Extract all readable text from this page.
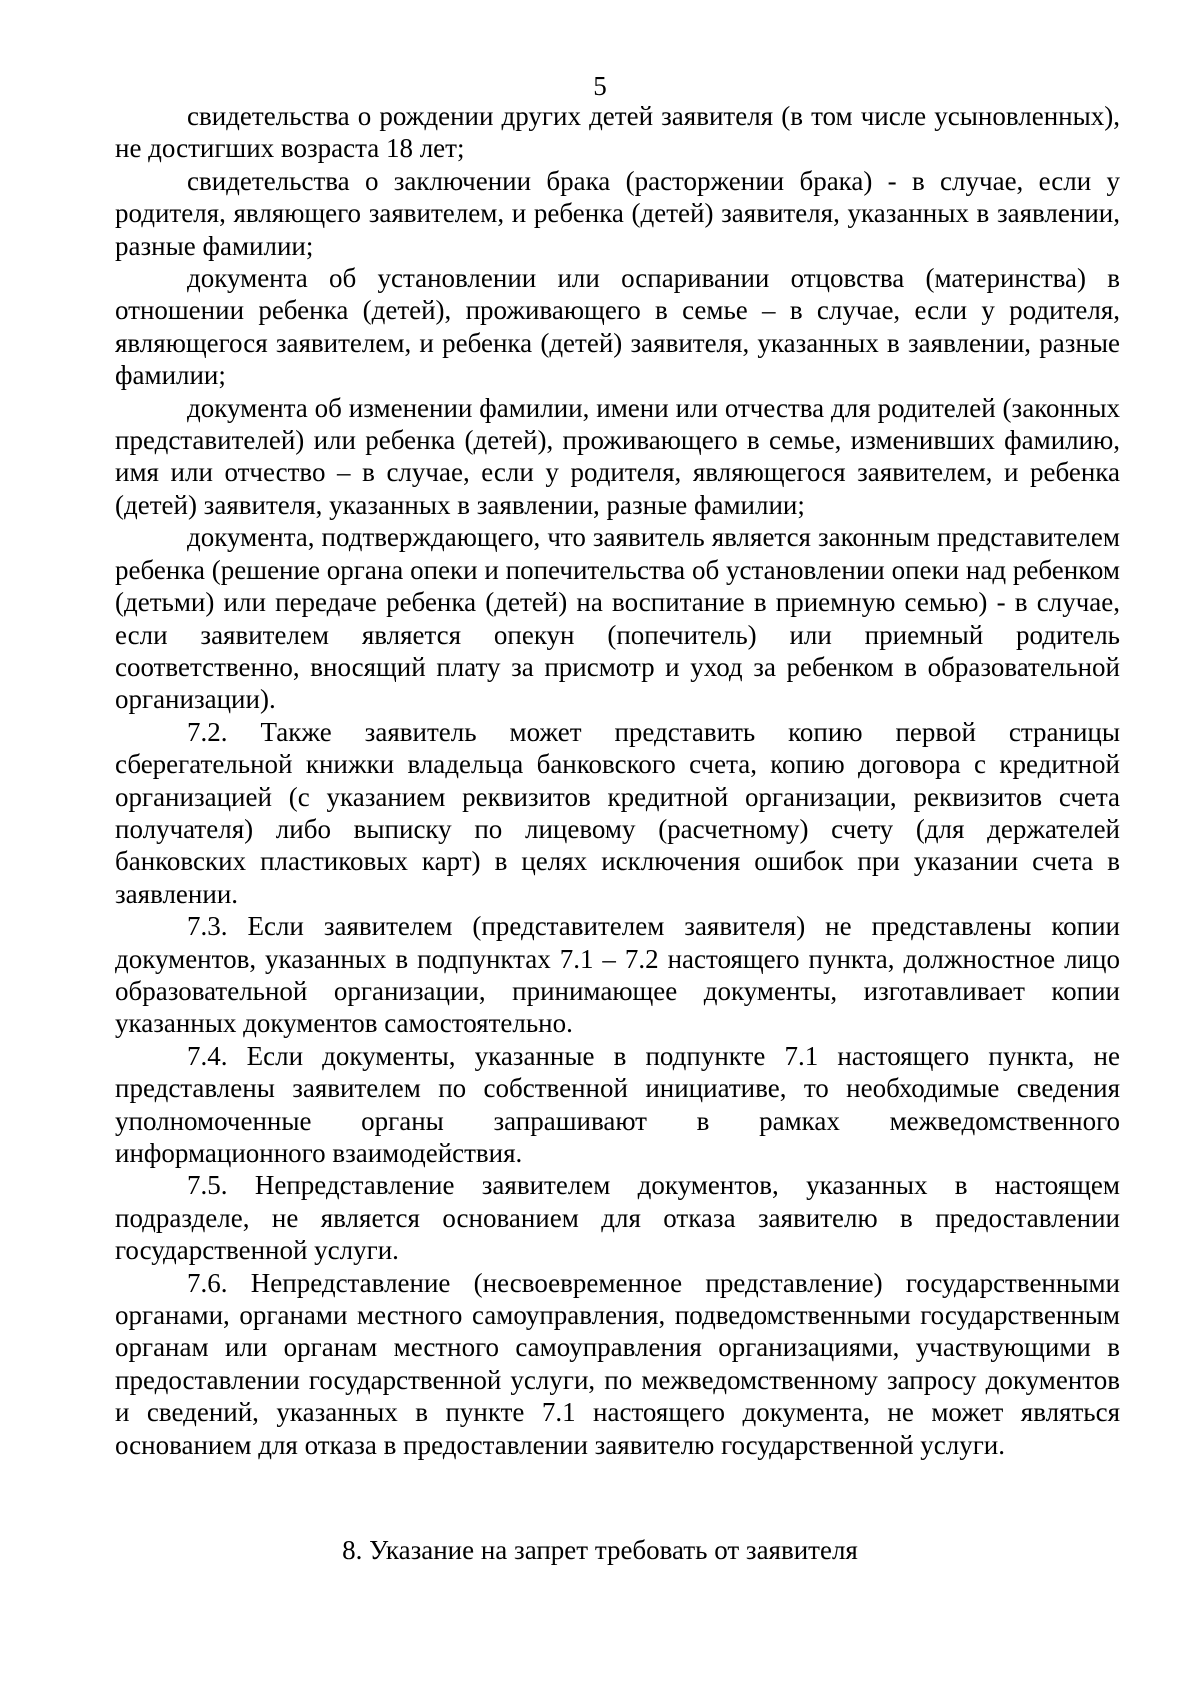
5

свидетельства о рождении других детей заявителя (в том числе усыновленных), не достигших возраста 18 лет;

свидетельства о заключении брака (расторжении брака) - в случае, если у родителя, являющего заявителем, и ребенка (детей) заявителя, указанных в заявлении, разные фамилии;

документа об установлении или оспаривании отцовства (материнства) в отношении ребенка (детей), проживающего в семье – в случае, если у родителя, являющегося заявителем, и ребенка (детей) заявителя, указанных в заявлении, разные фамилии;

документа об изменении фамилии, имени или отчества для родителей (законных представителей) или ребенка (детей), проживающего в семье, изменивших фамилию, имя или отчество – в случае, если у родителя, являющегося заявителем, и ребенка (детей) заявителя, указанных в заявлении, разные фамилии;

документа, подтверждающего, что заявитель является законным представителем ребенка (решение органа опеки и попечительства об установлении опеки над ребенком (детьми) или передаче ребенка (детей) на воспитание в приемную семью) - в случае, если заявителем является опекун (попечитель) или приемный родитель соответственно, вносящий плату за присмотр и уход за ребенком в образовательной организации).

7.2. Также заявитель может представить копию первой страницы сберегательной книжки владельца банковского счета, копию договора с кредитной организацией (с указанием реквизитов кредитной организации, реквизитов счета получателя) либо выписку по лицевому (расчетному) счету (для держателей банковских пластиковых карт) в целях исключения ошибок при указании счета в заявлении.

7.3. Если заявителем (представителем заявителя) не представлены копии документов, указанных в подпунктах 7.1 – 7.2 настоящего пункта, должностное лицо образовательной организации, принимающее документы, изготавливает копии указанных документов самостоятельно.

7.4. Если документы, указанные в подпункте 7.1 настоящего пункта, не представлены заявителем по собственной инициативе, то необходимые сведения уполномоченные органы запрашивают в рамках межведомственного информационного взаимодействия.

7.5. Непредставление заявителем документов, указанных в настоящем подразделе, не является основанием для отказа заявителю в предоставлении государственной услуги.

7.6. Непредставление (несвоевременное представление) государственными органами, органами местного самоуправления, подведомственными государственным органам или органам местного самоуправления организациями, участвующими в предоставлении государственной услуги, по межведомственному запросу документов и сведений, указанных в пункте 7.1 настоящего документа, не может являться основанием для отказа в предоставлении заявителю государственной услуги.

8. Указание на запрет требовать от заявителя
